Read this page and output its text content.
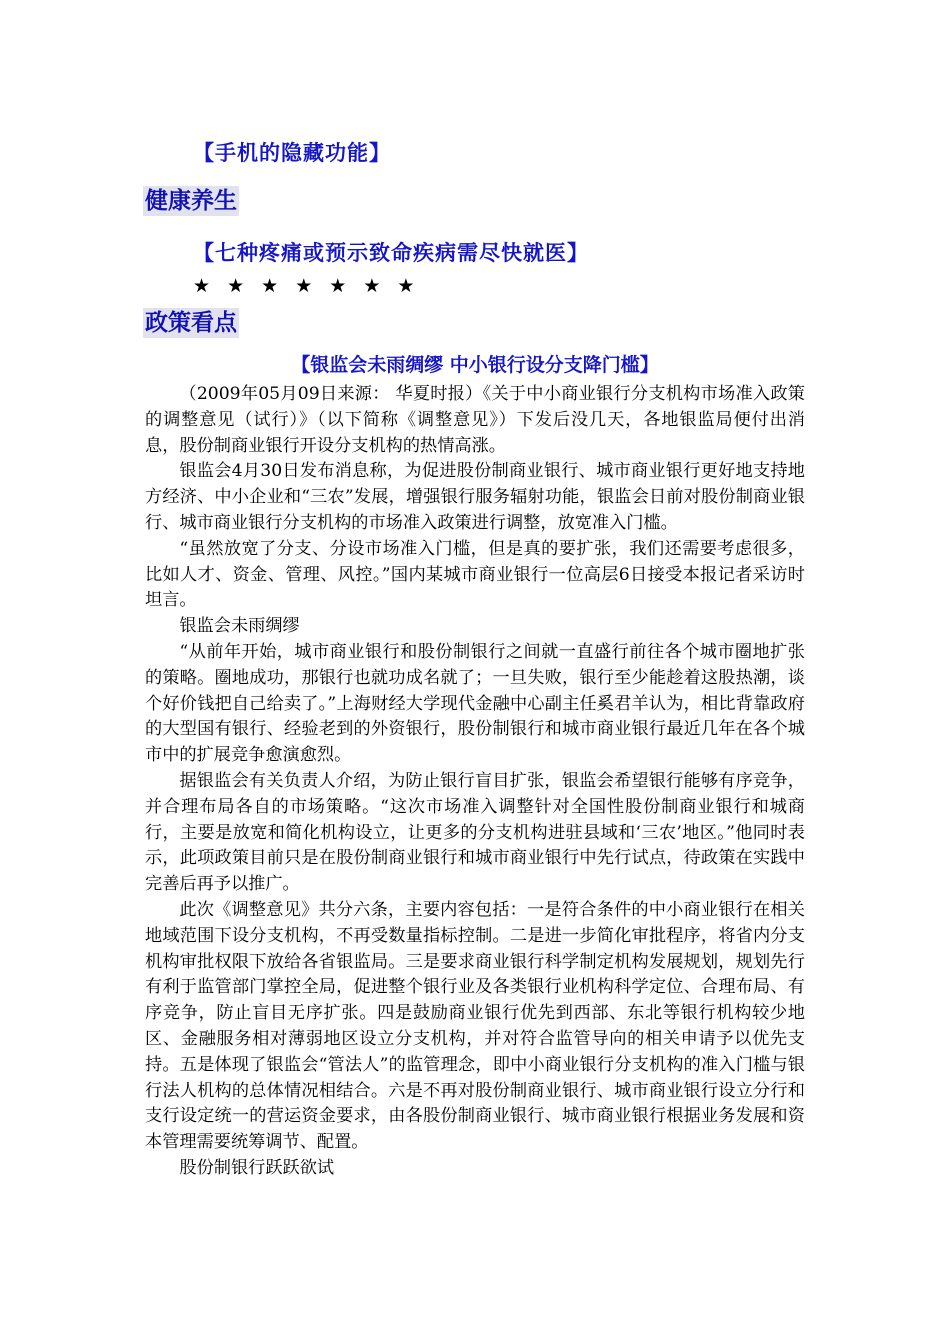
【手机的隐藏功能】
健康养生
【七种疼痛或预示致命疾病需尽快就医】
★ ★ ★ ★ ★ ★ ★
政策看点
【银监会未雨绸缪 中小银行设分支降门槛】

（2009年05月09日来源： 华夏时报）《关于中小商业银行分支机构市场准入政策的调整意见（试行）》（以下简称《调整意见》）下发后没几天，各地银监局便付出消息，股份制商业银行开设分支机构的热情高涨。

银监会4月30日发布消息称，为促进股份制商业银行、城市商业银行更好地支持地方经济、中小企业和“三农”发展，增强银行服务辐射功能，银监会日前对股份制商业银行、城市商业银行分支机构的市场准入政策进行调整，放宽准入门槛。

“虽然放宽了分支、分设市场准入门槛，但是真的要扩张，我们还需要考虑很多，比如人才、资金、管理、风控。”国内某城市商业银行一位高层6日接受本报记者采访时坦言。

银监会未雨绸缪

“从前年开始，城市商业银行和股份制银行之间就一直盛行前往各个城市圈地扩张的策略。圈地成功，那银行也就功成名就了；一旦失败，银行至少能趁着这股热潮，谈个好价钱把自己给卖了。”上海财经大学现代金融中心副主任奚君羊认为，相比背靠政府的大型国有银行、经验老到的外资银行，股份制银行和城市商业银行最近几年在各个城市中的扩展竞争愈演愈烈。

据银监会有关负责人介绍，为防止银行盲目扩张，银监会希望银行能够有序竞争，并合理布局各自的市场策略。“这次市场准入调整针对全国性股份制商业银行和城商行，主要是放宽和简化机构设立，让更多的分支机构进驻县域和‘三农’地区。”他同时表示，此项政策目前只是在股份制商业银行和城市商业银行中先行试点，待政策在实践中完善后再予以推广。

此次《调整意见》共分六条，主要内容包括：一是符合条件的中小商业银行在相关地域范围下设分支机构，不再受数量指标控制。二是进一步简化审批程序，将省内分支机构审批权限下放给各省银监局。三是要求商业银行科学制定机构发展规划，规划先行有利于监管部门掌控全局，促进整个银行业及各类银行业机构科学定位、合理布局、有序竞争，防止盲目无序扩张。四是鼓励商业银行优先到西部、东北等银行机构较少地区、金融服务相对薄弱地区设立分支机构，并对符合监管导向的相关申请予以优先支持。五是体现了银监会“管法人”的监管理念，即中小商业银行分支机构的准入门槛与银行法人机构的总体情况相结合。六是不再对股份制商业银行、城市商业银行设立分行和支行设定统一的营运资金要求，由各股份制商业银行、城市商业银行根据业务发展和资本管理需要统筹调节、配置。

股份制银行跃跃欲试
